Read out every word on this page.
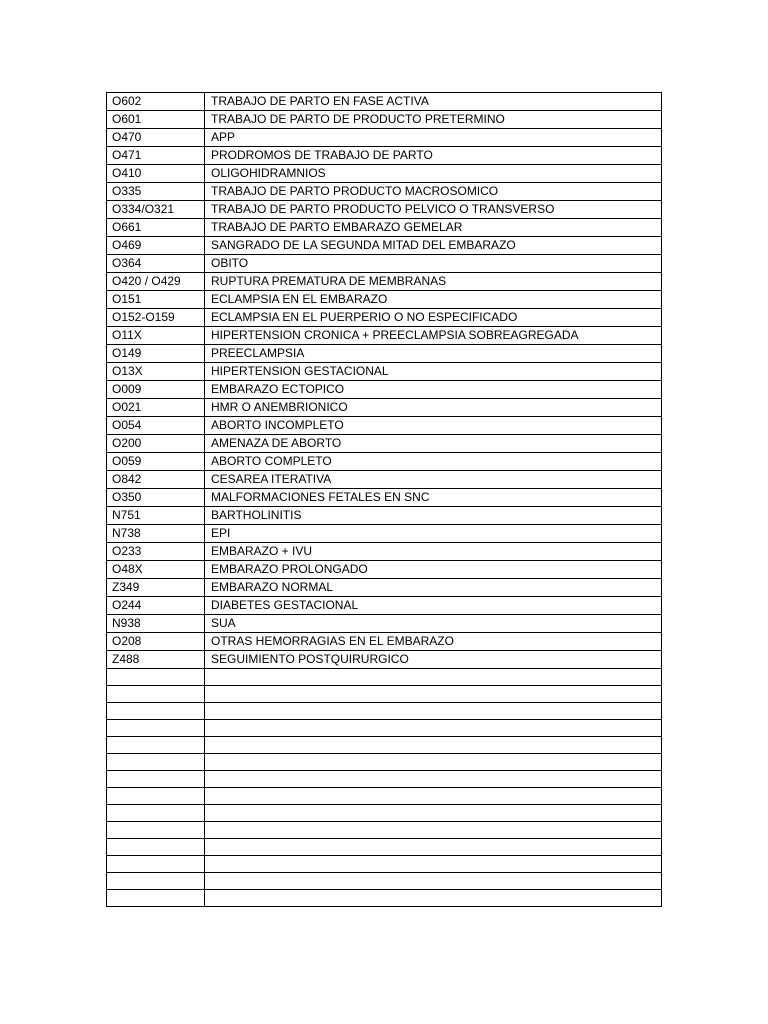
O602	TRABAJO DE PARTO EN FASE ACTIVA
O601	TRABAJO DE PARTO DE PRODUCTO PRETERMINO
O470	APP
O471	PRODROMOS DE TRABAJO DE PARTO
O410	OLIGOHIDRAMNIOS
O335	TRABAJO DE PARTO PRODUCTO MACROSOMICO
O334/O321	TRABAJO DE PARTO PRODUCTO PELVICO O TRANSVERSO
O661	TRABAJO DE PARTO EMBARAZO GEMELAR
O469	SANGRADO DE LA SEGUNDA MITAD DEL EMBARAZO
O364	OBITO
O420 / O429	RUPTURA PREMATURA DE MEMBRANAS
O151	ECLAMPSIA EN EL EMBARAZO
O152-O159	ECLAMPSIA EN EL PUERPERIO O NO ESPECIFICADO
O11X	HIPERTENSION CRONICA + PREECLAMPSIA SOBREAGREGADA
O149	PREECLAMPSIA
O13X	HIPERTENSION GESTACIONAL
O009	EMBARAZO ECTOPICO
O021	HMR O ANEMBRIONICO
O054	ABORTO INCOMPLETO
O200	AMENAZA DE ABORTO
O059	ABORTO COMPLETO
O842	CESAREA ITERATIVA
O350	MALFORMACIONES FETALES EN SNC
N751	BARTHOLINITIS
N738	EPI
O233	EMBARAZO + IVU
O48X	EMBARAZO PROLONGADO
Z349	EMBARAZO NORMAL
O244	DIABETES GESTACIONAL
N938	SUA
O208	OTRAS HEMORRAGIAS EN EL EMBARAZO
Z488	SEGUIMIENTO POSTQUIRURGICO
